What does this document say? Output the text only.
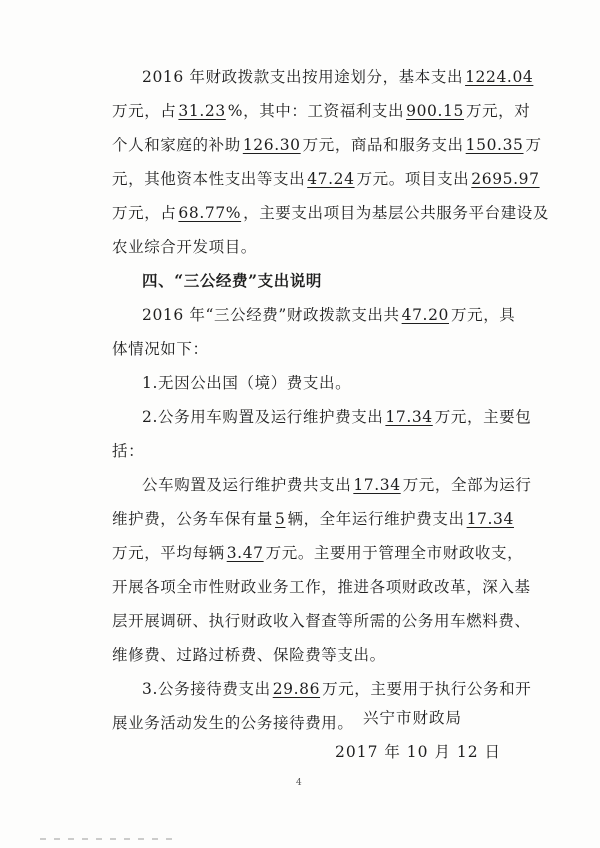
2016 年财政拨款支出按用途划分，基本支出 1224.04
万元，占 31.23 %，其中：工资福利支出 900.15 万元，对
个人和家庭的补助 126.30 万元，商品和服务支出 150.35 万
元，其他资本性支出等支出 47.24 万元。项目支出 2695.97
万元，占 68.77% ，主要支出项目为基层公共服务平台建设及
农业综合开发项目。
四、“三公经费”支出说明
2016 年“三公经费”财政拨款支出共 47.20 万元，具
体情况如下：
1.无因公出国（境）费支出。
2.公务用车购置及运行维护费支出 17.34 万元，主要包
括：
公车购置及运行维护费共支出 17.34 万元，全部为运行
维护费，公务车保有量 5 辆，全年运行维护费支出 17.34
万元，平均每辆 3.47 万元。主要用于管理全市财政收支，
开展各项全市性财政业务工作，推进各项财政改革，深入基
层开展调研、执行财政收入督查等所需的公务用车燃料费、
维修费、过路过桥费、保险费等支出。
3.公务接待费支出 29.86 万元，主要用于执行公务和开
展业务活动发生的公务接待费用。
4
兴宁市财政局
2017 年 10 月 12 日
